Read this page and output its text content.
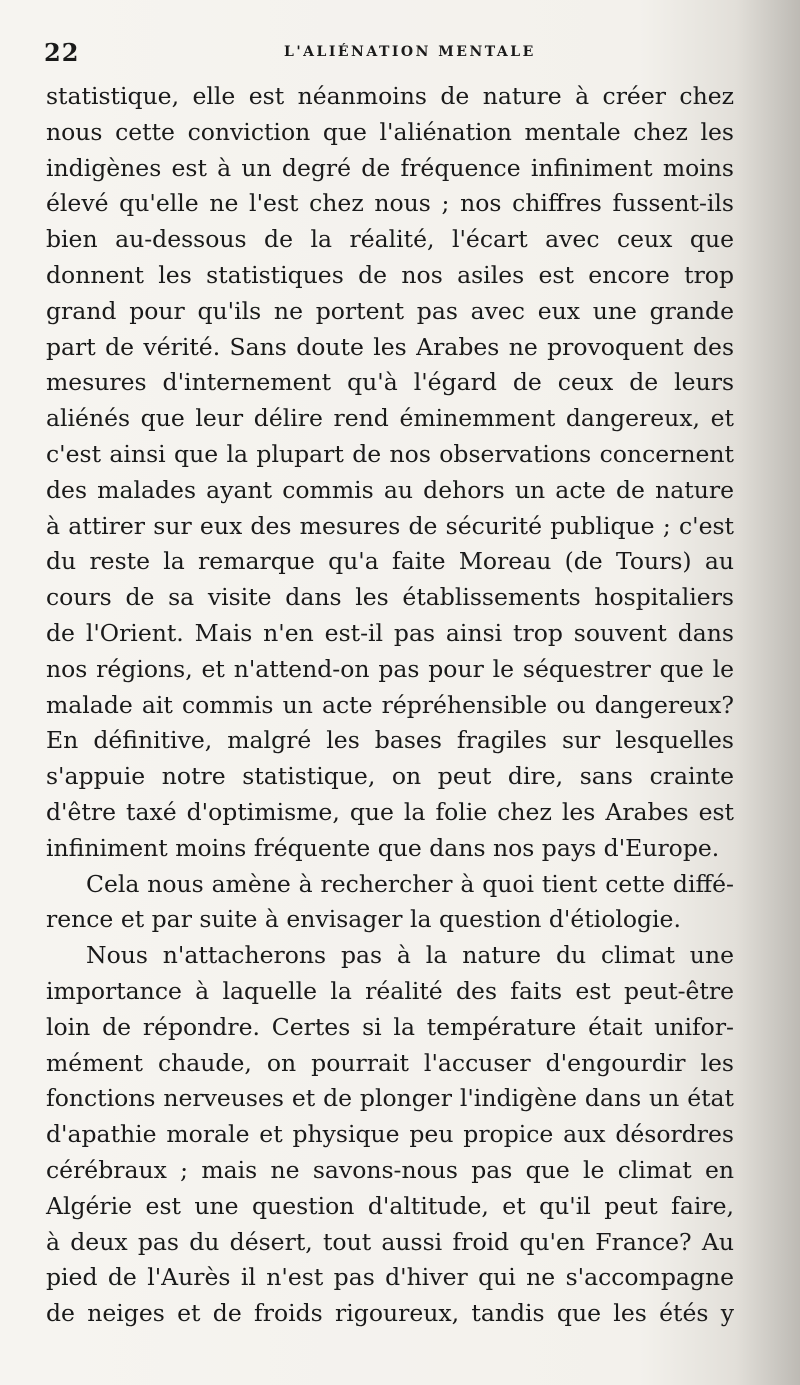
22	L'ALIÉNATION MENTALE
statistique, elle est néanmoins de nature à créer chez
nous cette conviction que l'aliénation mentale chez les
indigènes est à un degré de fréquence infiniment moins
élevé qu'elle ne l'est chez nous ; nos chiffres fussent-ils
bien au-dessous de la réalité, l'écart avec ceux que
donnent les statistiques de nos asiles est encore trop
grand pour qu'ils ne portent pas avec eux une grande
part de vérité. Sans doute les Arabes ne provoquent des
mesures d'internement qu'à l'égard de ceux de leurs
aliénés que leur délire rend éminemment dangereux, et
c'est ainsi que la plupart de nos observations concernent
des malades ayant commis au dehors un acte de nature
à attirer sur eux des mesures de sécurité publique ; c'est
du reste la remarque qu'a faite Moreau (de Tours) au
cours de sa visite dans les établissements hospitaliers
de l'Orient. Mais n'en est-il pas ainsi trop souvent dans
nos régions, et n'attend-on pas pour le séquestrer que le
malade ait commis un acte répréhensible ou dangereux?
En définitive, malgré les bases fragiles sur lesquelles
s'appuie notre statistique, on peut dire, sans crainte
d'être taxé d'optimisme, que la folie chez les Arabes est
infiniment moins fréquente que dans nos pays d'Europe.
Cela nous amène à rechercher à quoi tient cette diffé-
rence et par suite à envisager la question d'étiologie.
Nous n'attacherons pas à la nature du climat une
importance à laquelle la réalité des faits est peut-être
loin de répondre. Certes si la température était unifor-
mément chaude, on pourrait l'accuser d'engourdir les
fonctions nerveuses et de plonger l'indigène dans un état
d'apathie morale et physique peu propice aux désordres
cérébraux ; mais ne savons-nous pas que le climat en
Algérie est une question d'altitude, et qu'il peut faire,
à deux pas du désert, tout aussi froid qu'en France? Au
pied de l'Aurès il n'est pas d'hiver qui ne s'accompagne
de neiges et de froids rigoureux, tandis que les étés y
